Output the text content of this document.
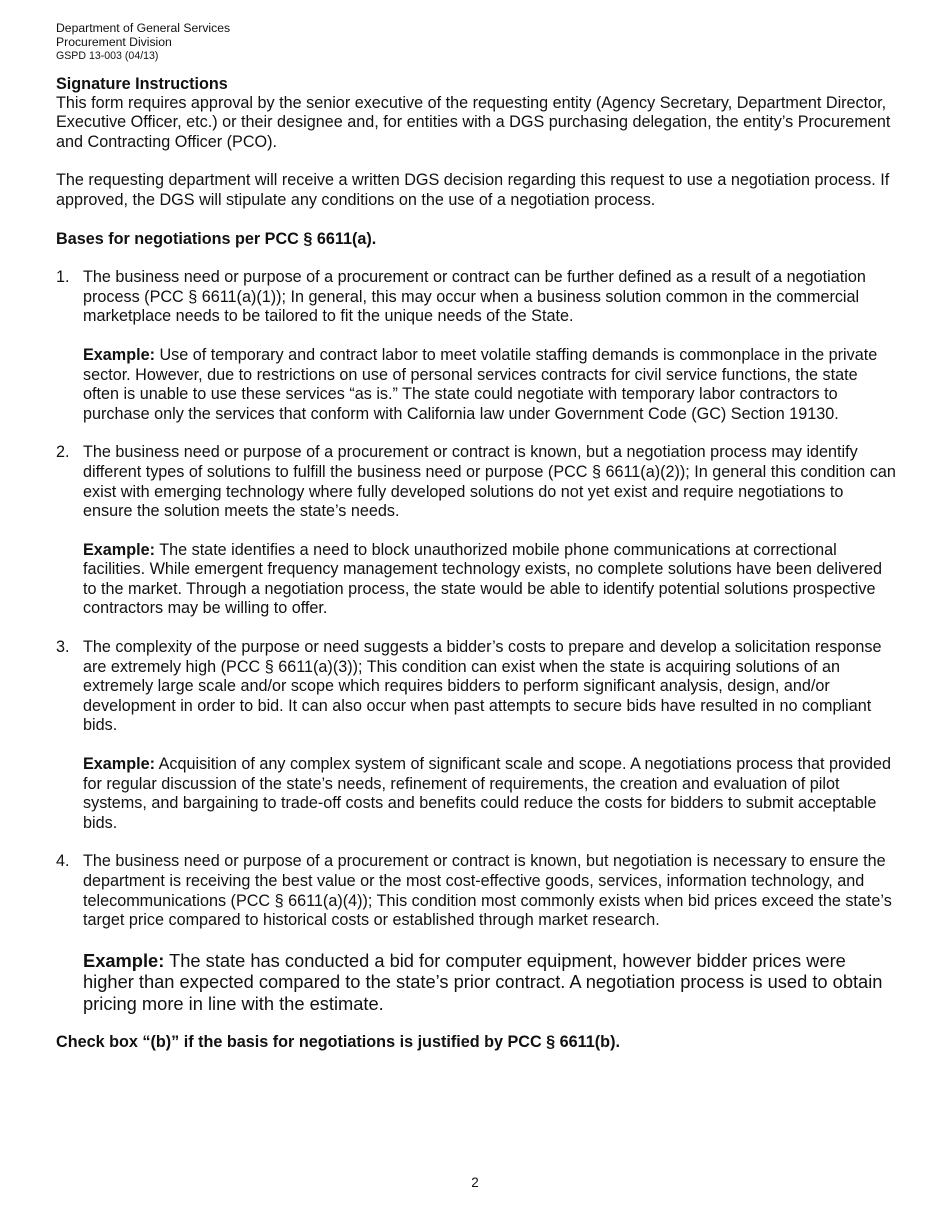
Department of General Services
Procurement Division
GSPD 13-003 (04/13)
Signature Instructions

This form requires approval by the senior executive of the requesting entity (Agency Secretary, Department Director, Executive Officer, etc.) or their designee and, for entities with a DGS purchasing delegation, the entity’s Procurement and Contracting Officer (PCO).

The requesting department will receive a written DGS decision regarding this request to use a negotiation process. If approved, the DGS will stipulate any conditions on the use of a negotiation process.

Bases for negotiations per PCC § 6611(a).
1. The business need or purpose of a procurement or contract can be further defined as a result of a negotiation process (PCC § 6611(a)(1)); In general, this may occur when a business solution common in the commercial marketplace needs to be tailored to fit the unique needs of the State.
Example: Use of temporary and contract labor to meet volatile staffing demands is commonplace in the private sector. However, due to restrictions on use of personal services contracts for civil service functions, the state often is unable to use these services “as is.” The state could negotiate with temporary labor contractors to purchase only the services that conform with California law under Government Code (GC) Section 19130.
2. The business need or purpose of a procurement or contract is known, but a negotiation process may identify different types of solutions to fulfill the business need or purpose (PCC § 6611(a)(2)); In general this condition can exist with emerging technology where fully developed solutions do not yet exist and require negotiations to ensure the solution meets the state’s needs.
Example: The state identifies a need to block unauthorized mobile phone communications at correctional facilities. While emergent frequency management technology exists, no complete solutions have been delivered to the market. Through a negotiation process, the state would be able to identify potential solutions prospective contractors may be willing to offer.
3. The complexity of the purpose or need suggests a bidder’s costs to prepare and develop a solicitation response are extremely high (PCC § 6611(a)(3)); This condition can exist when the state is acquiring solutions of an extremely large scale and/or scope which requires bidders to perform significant analysis, design, and/or development in order to bid. It can also occur when past attempts to secure bids have resulted in no compliant bids.
Example: Acquisition of any complex system of significant scale and scope. A negotiations process that provided for regular discussion of the state’s needs, refinement of requirements, the creation and evaluation of pilot systems, and bargaining to trade-off costs and benefits could reduce the costs for bidders to submit acceptable bids.
4. The business need or purpose of a procurement or contract is known, but negotiation is necessary to ensure the department is receiving the best value or the most cost-effective goods, services, information technology, and telecommunications (PCC § 6611(a)(4)); This condition most commonly exists when bid prices exceed the state’s target price compared to historical costs or established through market research.
Example: The state has conducted a bid for computer equipment, however bidder prices were higher than expected compared to the state’s prior contract. A negotiation process is used to obtain pricing more in line with the estimate.
Check box “(b)” if the basis for negotiations is justified by PCC § 6611(b).
2
